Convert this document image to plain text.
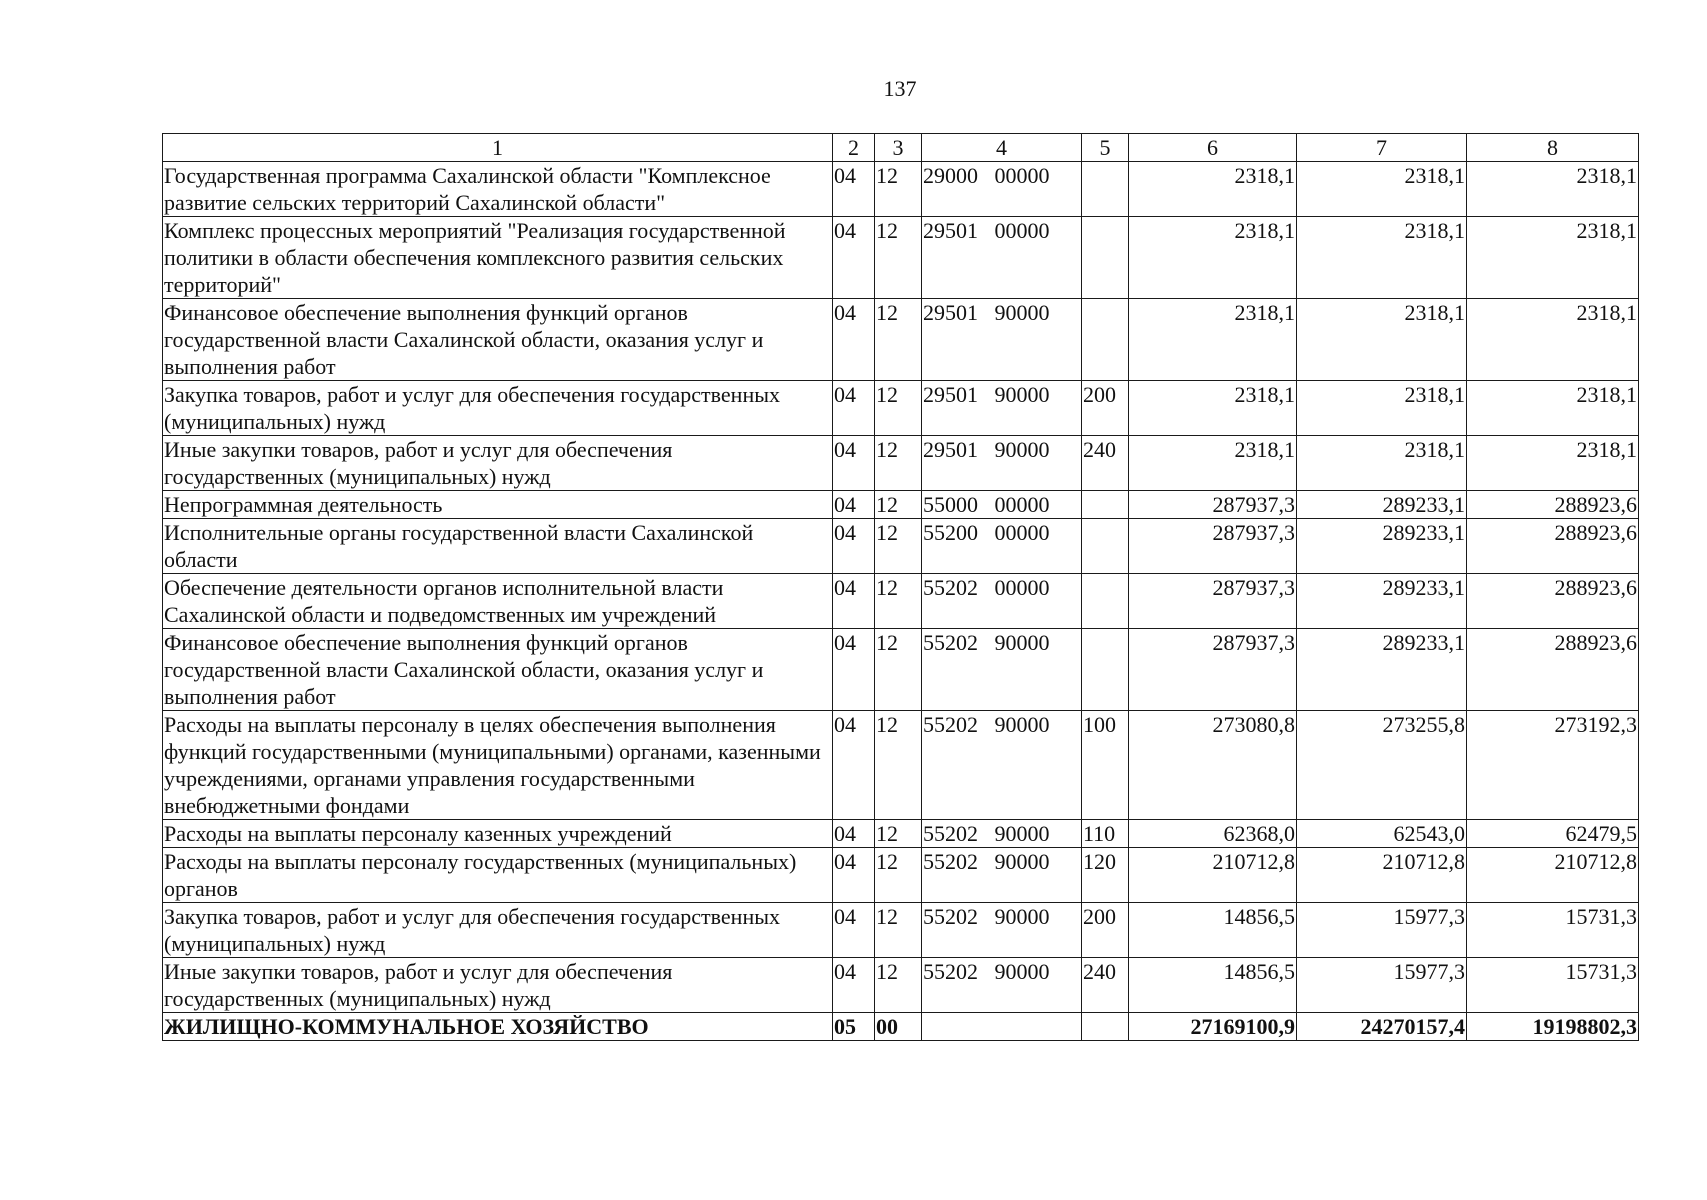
137
1	2	3	4	5	6	7	8
Государственная программа Сахалинской области "Комплексное развитие сельских территорий Сахалинской области"	04	12	29000   00000		2318,1	2318,1	2318,1
Комплекс процессных мероприятий "Реализация государственной политики в области обеспечения комплексного развития сельских территорий"	04	12	29501   00000		2318,1	2318,1	2318,1
Финансовое обеспечение выполнения функций органов государственной власти Сахалинской области, оказания услуг и выполнения работ	04	12	29501   90000		2318,1	2318,1	2318,1
Закупка товаров, работ и услуг для обеспечения государственных (муниципальных) нужд	04	12	29501   90000	200	2318,1	2318,1	2318,1
Иные закупки товаров, работ и услуг для обеспечения государственных (муниципальных) нужд	04	12	29501   90000	240	2318,1	2318,1	2318,1
Непрограммная деятельность	04	12	55000   00000		287937,3	289233,1	288923,6
Исполнительные органы государственной власти Сахалинской области	04	12	55200   00000		287937,3	289233,1	288923,6
Обеспечение деятельности органов исполнительной власти Сахалинской области и подведомственных им учреждений	04	12	55202   00000		287937,3	289233,1	288923,6
Финансовое обеспечение выполнения функций органов государственной власти Сахалинской области, оказания услуг и выполнения работ	04	12	55202   90000		287937,3	289233,1	288923,6
Расходы на выплаты персоналу в целях обеспечения выполнения функций государственными (муниципальными) органами, казенными учреждениями, органами управления государственными внебюджетными фондами	04	12	55202   90000	100	273080,8	273255,8	273192,3
Расходы на выплаты персоналу казенных учреждений	04	12	55202   90000	110	62368,0	62543,0	62479,5
Расходы на выплаты персоналу государственных (муниципальных) органов	04	12	55202   90000	120	210712,8	210712,8	210712,8
Закупка товаров, работ и услуг для обеспечения государственных (муниципальных) нужд	04	12	55202   90000	200	14856,5	15977,3	15731,3
Иные закупки товаров, работ и услуг для обеспечения государственных (муниципальных) нужд	04	12	55202   90000	240	14856,5	15977,3	15731,3
ЖИЛИЩНО-КОММУНАЛЬНОЕ ХОЗЯЙСТВО	05	00			27169100,9	24270157,4	19198802,3
